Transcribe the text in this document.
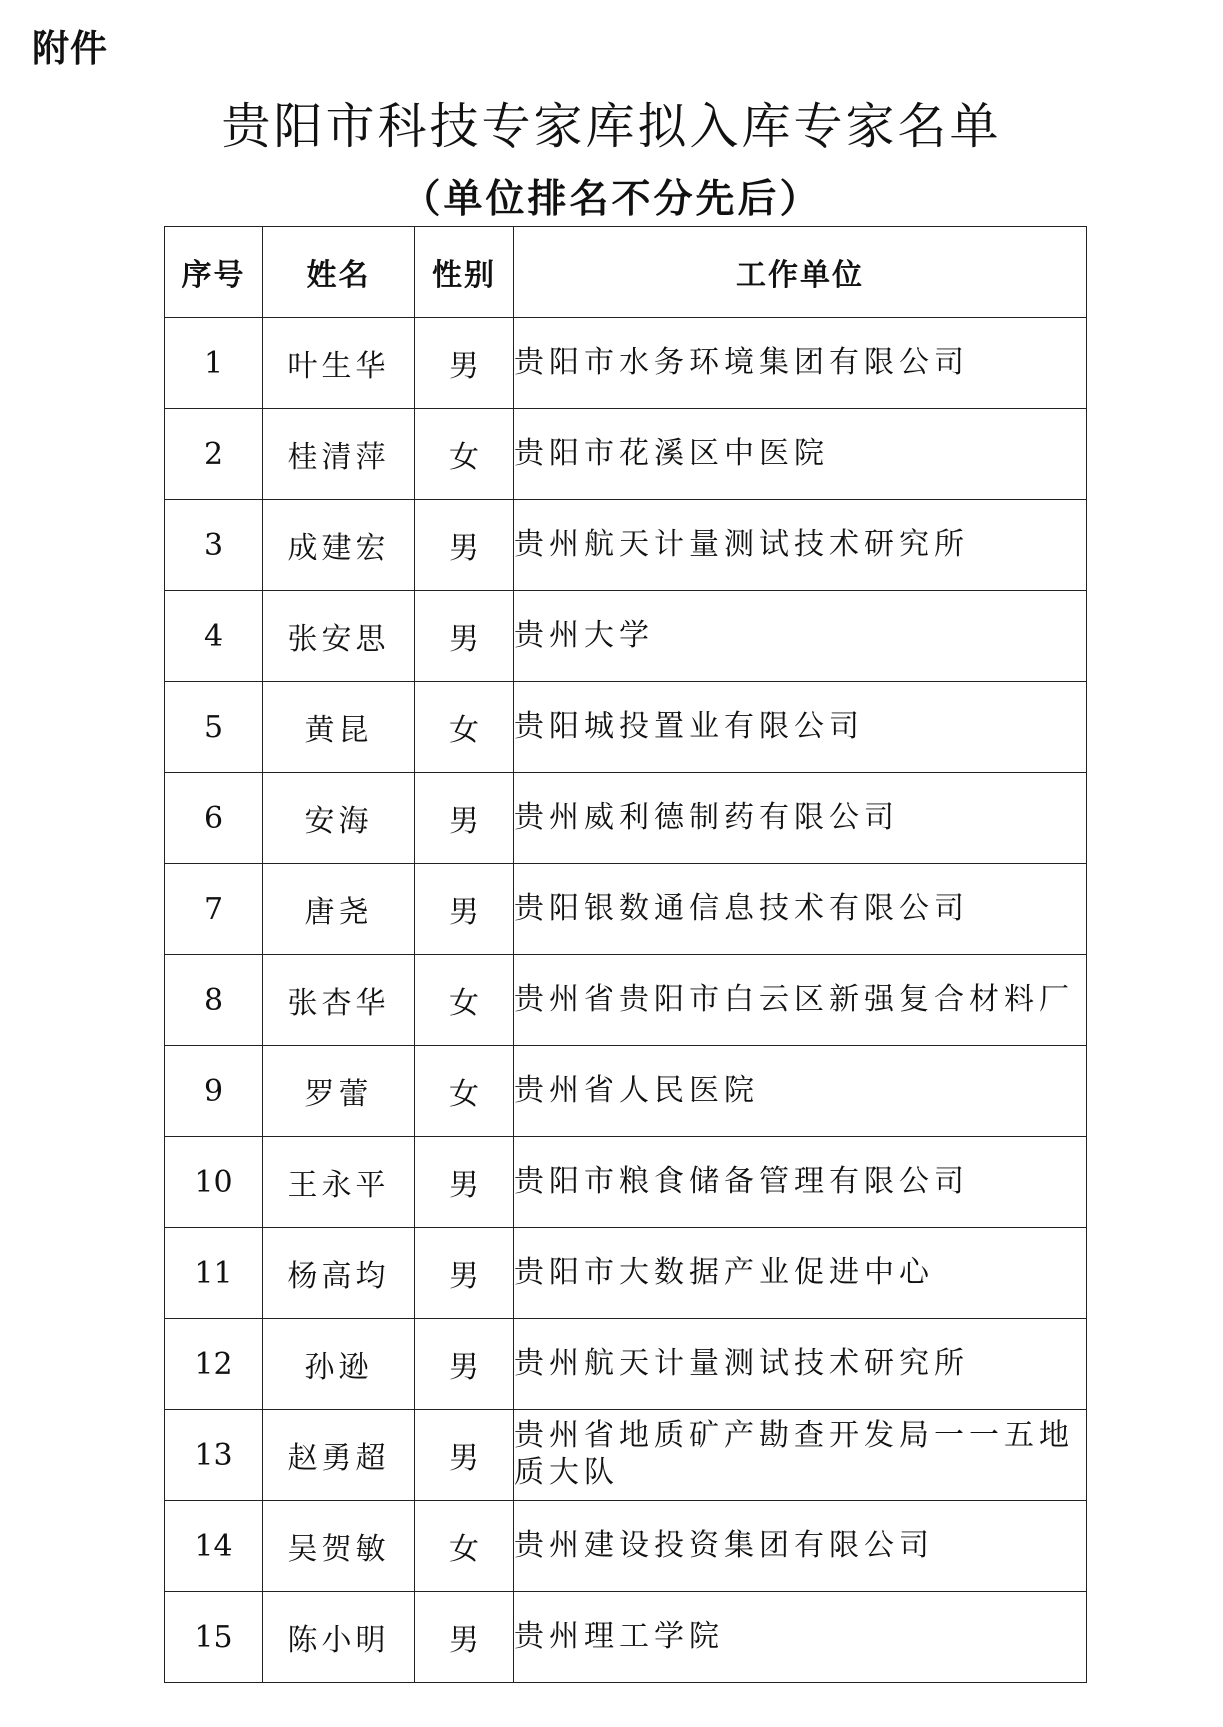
附件
贵阳市科技专家库拟入库专家名单
（单位排名不分先后）
序号	姓名	性别	工作单位
1	叶生华	男	贵阳市水务环境集团有限公司
2	桂清萍	女	贵阳市花溪区中医院
3	成建宏	男	贵州航天计量测试技术研究所
4	张安思	男	贵州大学
5	黄昆	女	贵阳城投置业有限公司
6	安海	男	贵州威利德制药有限公司
7	唐尧	男	贵阳银数通信息技术有限公司
8	张杏华	女	贵州省贵阳市白云区新强复合材料厂
9	罗蕾	女	贵州省人民医院
10	王永平	男	贵阳市粮食储备管理有限公司
11	杨高均	男	贵阳市大数据产业促进中心
12	孙逊	男	贵州航天计量测试技术研究所
13	赵勇超	男	贵州省地质矿产勘查开发局一一五地质大队
14	吴贺敏	女	贵州建设投资集团有限公司
15	陈小明	男	贵州理工学院
